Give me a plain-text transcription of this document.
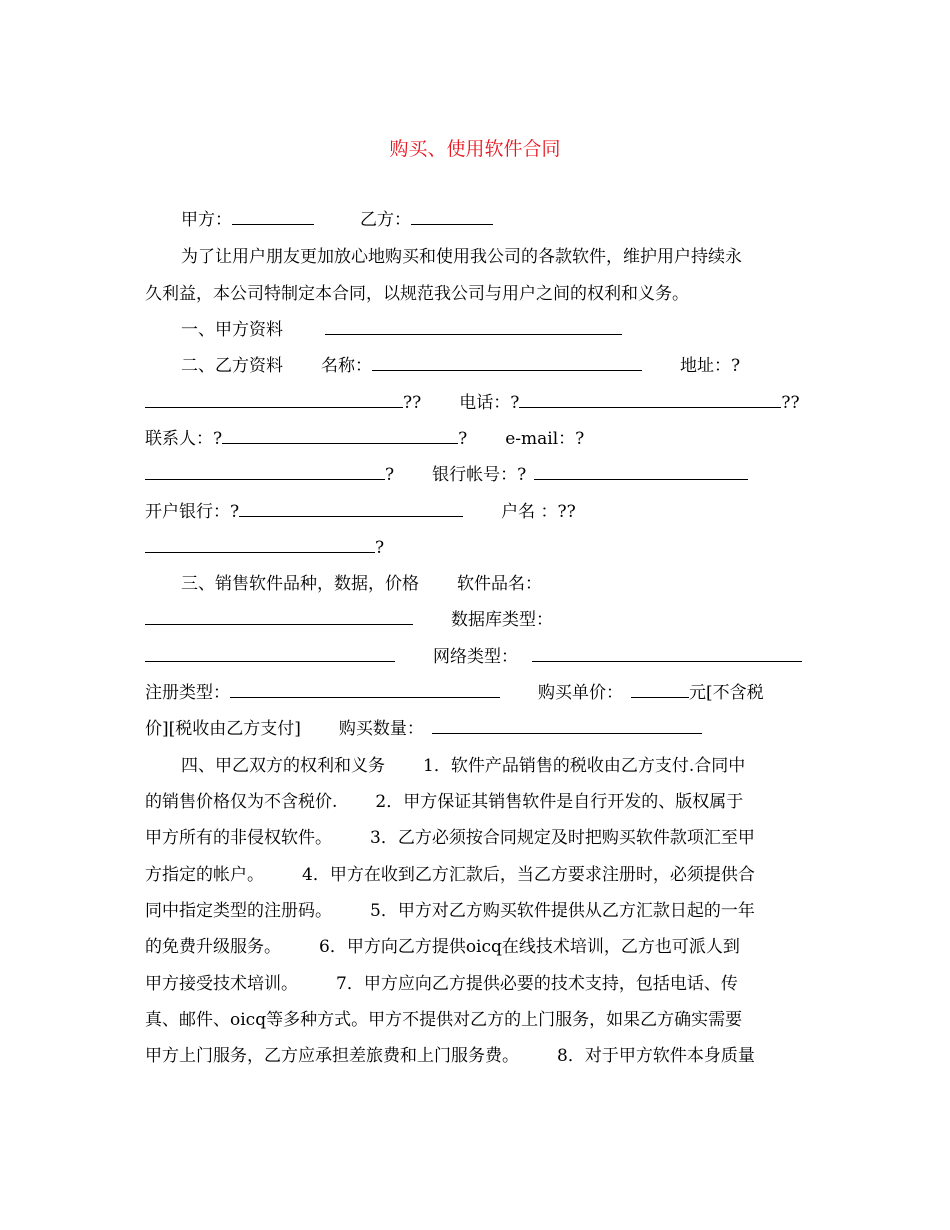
购买、使用软件合同
甲方：	乙方：
为了让用户朋友更加放心地购买和使用我公司的各款软件，维护用户持续永
久利益，本公司特制定本合同，以规范我公司与用户之间的权利和义务。
一、甲方资料
二、乙方资料 名称：	地址：?
?? 电话：?	??
联系人：?	? e-mail：?
? 银行帐号：?
开户银行：?	户名 ：??
?
三、销售软件品种，数据，价格 软件品名：
数据库类型：
网络类型：
注册类型：	购买单价：	元[不含税
价][税收由乙方支付] 购买数量：
四、甲乙双方的权利和义务 1．软件产品销售的税收由乙方支付.合同中
的销售价格仅为不含税价. 2．甲方保证其销售软件是自行开发的、版权属于
甲方所有的非侵权软件。 3．乙方必须按合同规定及时把购买软件款项汇至甲
方指定的帐户。 4．甲方在收到乙方汇款后，当乙方要求注册时，必须提供合
同中指定类型的注册码。 5．甲方对乙方购买软件提供从乙方汇款日起的一年
的免费升级服务。 6．甲方向乙方提供oicq在线技术培训，乙方也可派人到
甲方接受技术培训。 7．甲方应向乙方提供必要的技术支持，包括电话、传
真、邮件、oicq等多种方式。甲方不提供对乙方的上门服务，如果乙方确实需要
甲方上门服务，乙方应承担差旅费和上门服务费。 8．对于甲方软件本身质量
